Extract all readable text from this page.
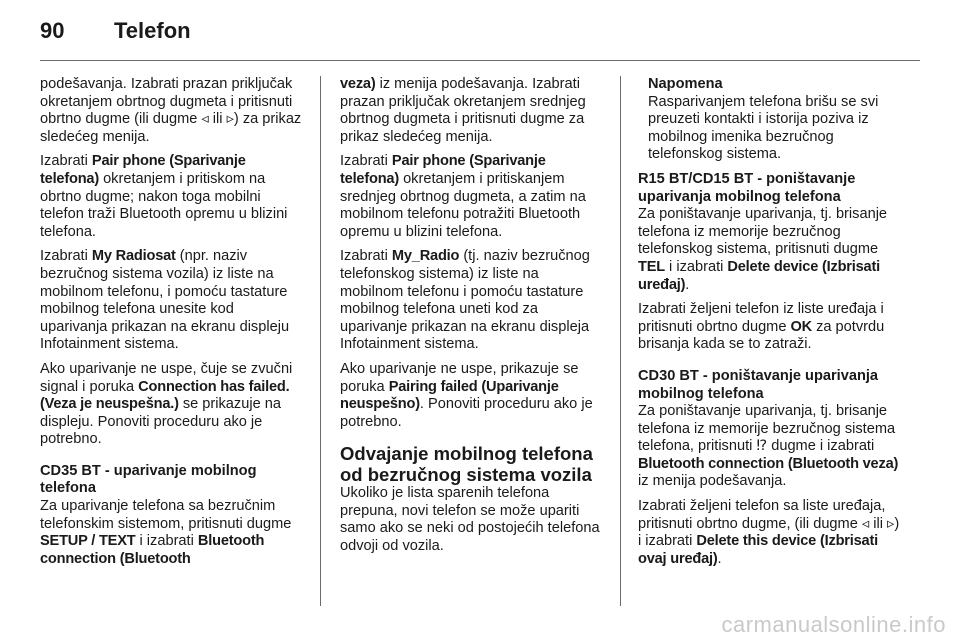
90 Telefon

podešavanja. Izabrati prazan priključak okretanjem obrtnog dugmeta i pritisnuti obrtno dugme (ili dugme ◃ ili ▹) za prikaz sledećeg menija.

Izabrati Pair phone (Sparivanje telefona) okretanjem i pritiskom na obrtno dugme; nakon toga mobilni telefon traži Bluetooth opremu u blizini telefona.

Izabrati My Radiosat (npr. naziv bezručnog sistema vozila) iz liste na mobilnom telefonu, i pomoću tastature mobilnog telefona unesite kod uparivanja prikazan na ekranu displeju Infotainment sistema.

Ako uparivanje ne uspe, čuje se zvučni signal i poruka Connection has failed. (Veza je neuspešna.) se prikazuje na displeju. Ponoviti proceduru ako je potrebno.

CD35 BT - uparivanje mobilnog telefona

Za uparivanje telefona sa bezručnim telefonskim sistemom, pritisnuti dugme SETUP / TEXT i izabrati Bluetooth connection (Bluetooth

veza) iz menija podešavanja. Izabrati prazan priključak okretanjem srednjeg obrtnog dugmeta i pritisnuti dugme za prikaz sledećeg menija.

Izabrati Pair phone (Sparivanje telefona) okretanjem i pritiskanjem srednjeg obrtnog dugmeta, a zatim na mobilnom telefonu potražiti Bluetooth opremu u blizini telefona.

Izabrati My_Radio (tj. naziv bezručnog telefonskog sistema) iz liste na mobilnom telefonu i pomoću tastature mobilnog telefona uneti kod za uparivanje prikazan na ekranu displeja Infotainment sistema.

Ako uparivanje ne uspe, prikazuje se poruka Pairing failed (Uparivanje neuspešno). Ponoviti proceduru ako je potrebno.

Odvajanje mobilnog telefona od bezručnog sistema vozila

Ukoliko je lista sparenih telefona prepuna, novi telefon se može upariti samo ako se neki od postojećih telefona odvoji od vozila.

Napomena

Rasparivanjem telefona brišu se svi preuzeti kontakti i istorija poziva iz mobilnog imenika bezručnog telefonskog sistema.

R15 BT/CD15 BT - poništavanje uparivanja mobilnog telefona

Za poništavanje uparivanja, tj. brisanje telefona iz memorije bezručnog telefonskog sistema, pritisnuti dugme TEL i izabrati Delete device (Izbrisati uređaj).

Izabrati željeni telefon iz liste uređaja i pritisnuti obrtno dugme OK za potvrdu brisanja kada se to zatraži.

CD30 BT - poništavanje uparivanja mobilnog telefona

Za poništavanje uparivanja, tj. brisanje telefona iz memorije bezručnog sistema telefona, pritisnuti ⁉ dugme i izabrati Bluetooth connection (Bluetooth veza) iz menija podešavanja.

Izabrati željeni telefon sa liste uređaja, pritisnuti obrtno dugme, (ili dugme ◃ ili ▹) i izabrati Delete this device (Izbrisati ovaj uređaj).

carmanualsonline.info
